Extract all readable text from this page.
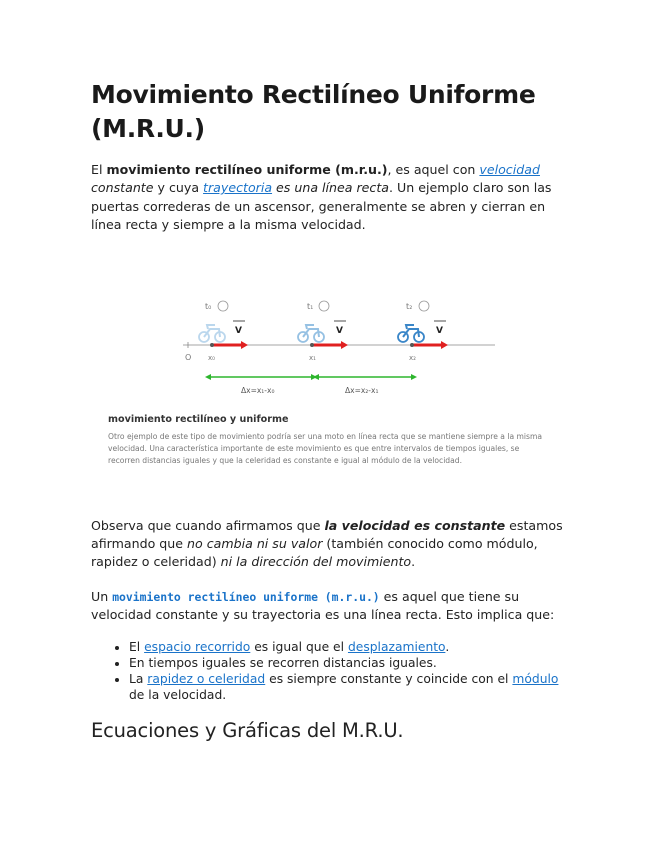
Movimiento Rectilíneo Uniforme (M.R.U.)

El movimiento rectilíneo uniforme (m.r.u.), es aquel con velocidad constante y cuya trayectoria es una línea recta. Un ejemplo claro son las puertas correderas de un ascensor, generalmente se abren y cierran en línea recta y siempre a la misma velocidad.

t₀	t₁	t₂
V	V	V
O x₀	x₁	x₂
Δx=x₁-x₀	Δx=x₂-x₁

movimiento rectilíneo y uniforme

Otro ejemplo de este tipo de movimiento podría ser una moto en línea recta que se mantiene siempre a la misma velocidad. Una característica importante de este movimiento es que entre intervalos de tiempos iguales, se recorren distancias iguales y que la celeridad es constante e igual al módulo de la velocidad.

Observa que cuando afirmamos que la velocidad es constante estamos afirmando que no cambia ni su valor (también conocido como módulo, rapidez o celeridad) ni la dirección del movimiento.

Un movimiento rectilíneo uniforme (m.r.u.) es aquel que tiene su velocidad constante y su trayectoria es una línea recta. Esto implica que:

• El espacio recorrido es igual que el desplazamiento.
• En tiempos iguales se recorren distancias iguales.
• La rapidez o celeridad es siempre constante y coincide con el módulo de la velocidad.
Ecuaciones y Gráficas del M.R.U.
